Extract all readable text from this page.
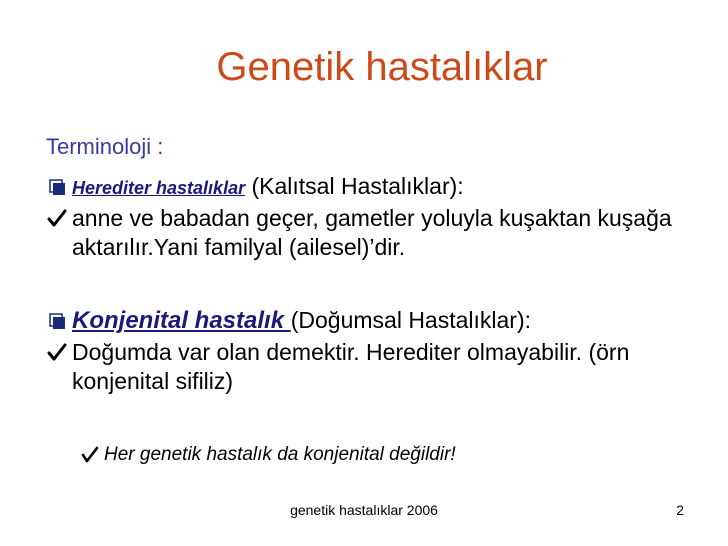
Genetik hastalıklar
Terminoloji :
Herediter hastalıklar (Kalıtsal Hastalıklar):
anne ve babadan geçer, gametler yoluyla kuşaktan kuşağa aktarılır.Yani familyal (ailesel)’dir.
Konjenital hastalık (Doğumsal Hastalıklar):
Doğumda var olan demektir. Herediter olmayabilir. (örn konjenital sifiliz)
Her genetik hastalık da konjenital değildir!
genetik hastalıklar 2006	2
